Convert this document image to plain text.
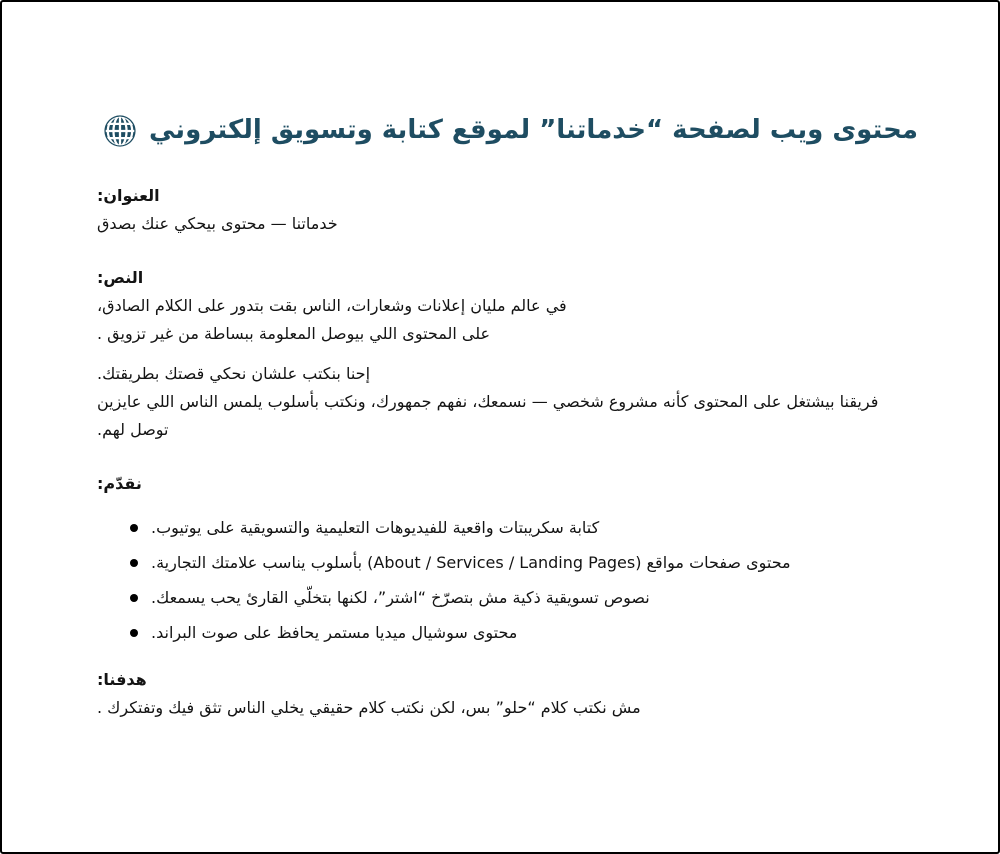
محتوى ويب لصفحة “خدماتنا” لموقع كتابة وتسويق إلكتروني
العنوان:
خدماتنا — محتوى بيحكي عنك بصدق
النص:
في عالم مليان إعلانات وشعارات، الناس بقت بتدور على الكلام الصادق،
على المحتوى اللي بيوصل المعلومة ببساطة من غير تزويق .
إحنا بنكتب علشان نحكي قصتك بطريقتك.
فريقنا بيشتغل على المحتوى كأنه مشروع شخصي — نسمعك، نفهم جمهورك، ونكتب بأسلوب يلمس الناس اللي عايزين توصل لهم.
نقدّم:
كتابة سكريبتات واقعية للفيديوهات التعليمية والتسويقية على يوتيوب.
محتوى صفحات مواقع (About / Services / Landing Pages) بأسلوب يناسب علامتك التجارية.
نصوص تسويقية ذكية مش بتصرّخ “اشتر”، لكنها بتخلّي القارئ يحب يسمعك.
محتوى سوشيال ميديا مستمر يحافظ على صوت البراند.
هدفنا:
مش نكتب كلام “حلو” بس، لكن نكتب كلام حقيقي يخلي الناس تثق فيك وتفتكرك .
